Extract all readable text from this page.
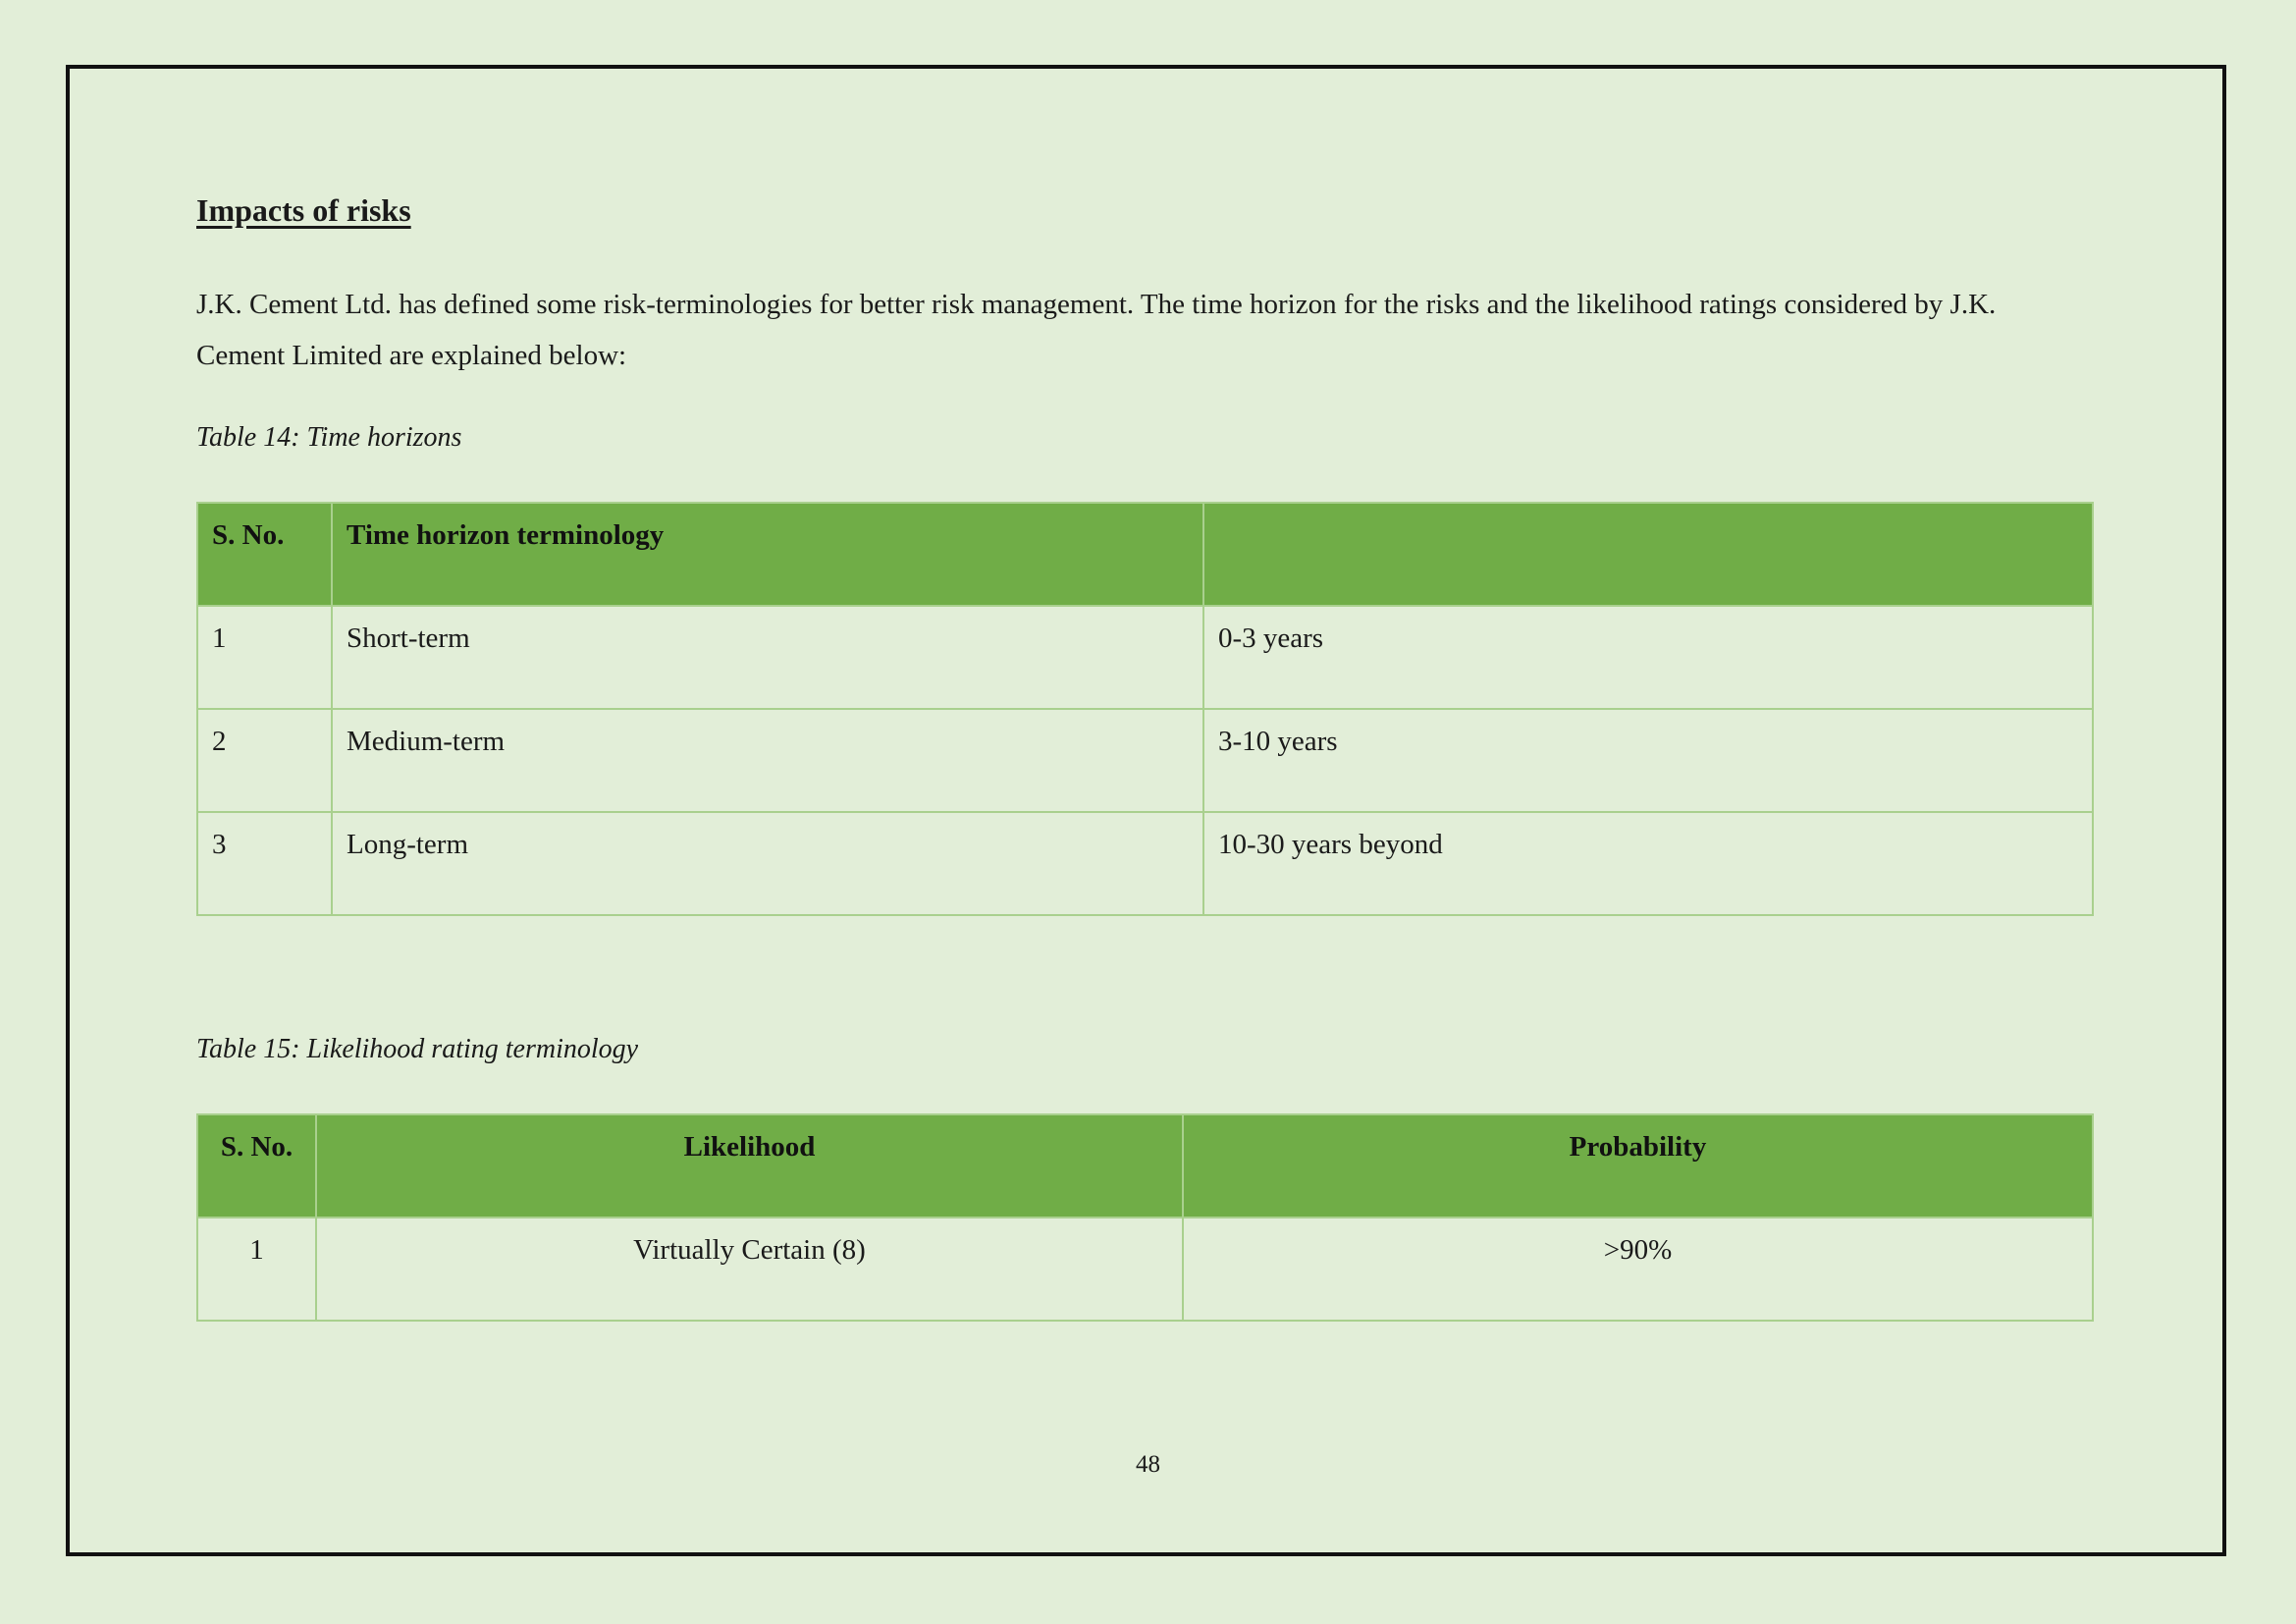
Impacts of risks

J.K. Cement Ltd. has defined some risk-terminologies for better risk management. The time horizon for the risks and the likelihood ratings considered by J.K. Cement Limited are explained below:

Table 14: Time horizons
S. No.	Time horizon terminology	
1	Short-term	0-3 years
2	Medium-term	3-10 years
3	Long-term	10-30 years beyond
Table 15: Likelihood rating terminology
S. No.	Likelihood	Probability
1	Virtually Certain (8)	>90%
48
